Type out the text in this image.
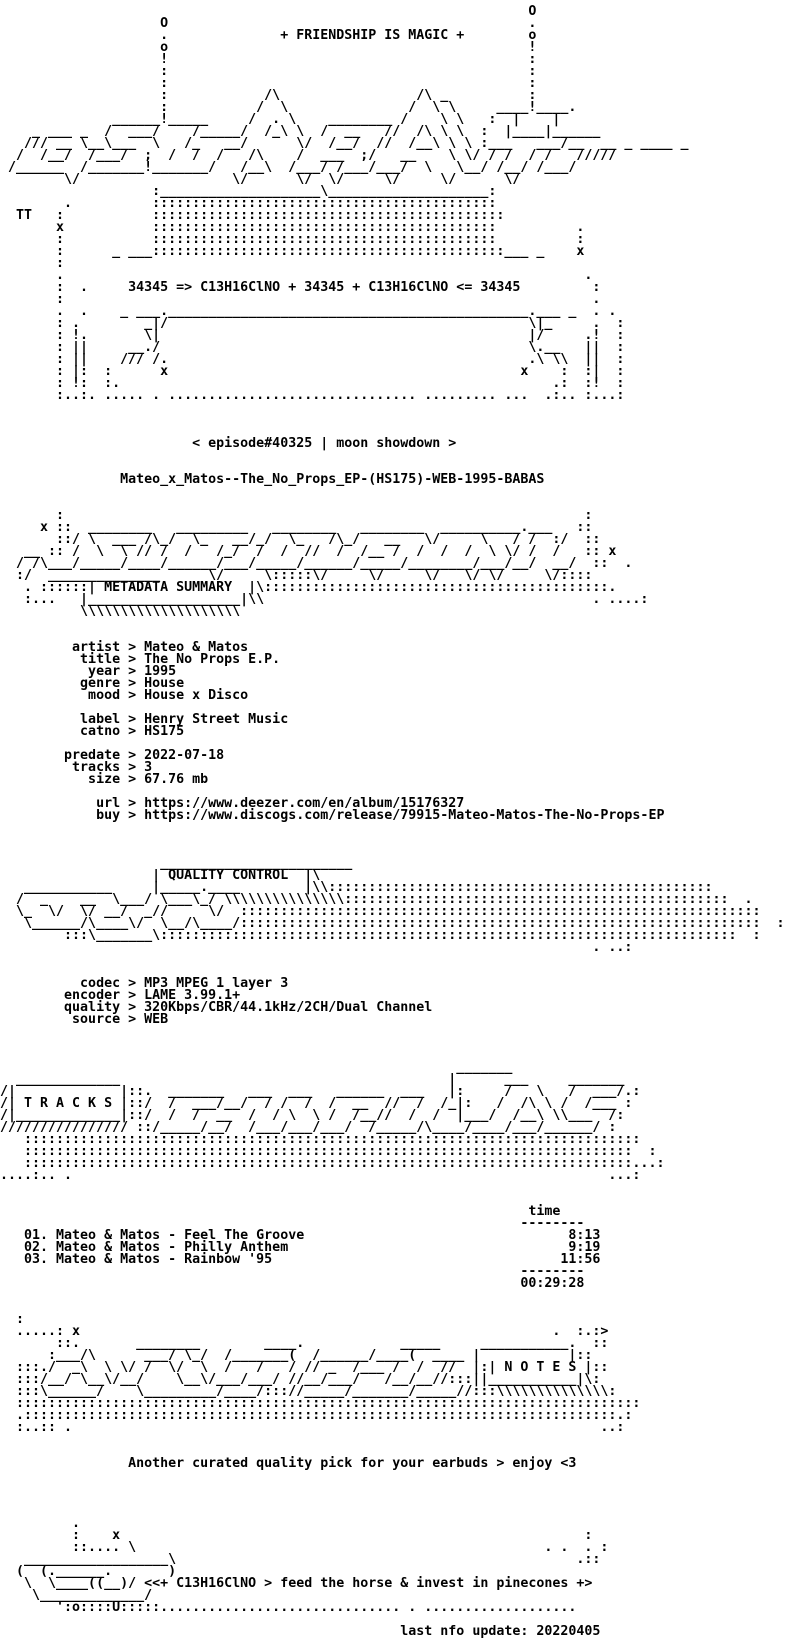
O
O                                             .
.              + FRIENDSHIP IS MAGIC +        o
o                                             !
!                                             :
:                                             :
:                                             :
:            /\                 /\ _          :
:           /  \               /  \ \     ____!____.
______!_____     /  . \    ________ /    \ \   :  |    |
_ ___ _  /  ___/    /_____/  /_\ \  /  __   //  /\ \ \  :  |____|______
/// __ \__\___  \   /_   __/      \/  /__/  //  /__\ \ \ :___   ___/__  __ _ ____ _
/  /__/  /___/  ;  /  /  /   /\    /  ___  ;/   __    \ \/ / /  / /   /////
/______  /_______!_______/   /__\  /___/ /___/___/  \   \__/ /__/ /___/
\/                   \/      \/  \/     \/     \/      \/
:____________________\____________________:
.          :::::::::::::::::::::::::::::::::::::::::::
TT   :           ::::::::::::::::::::::::::::::::::::::::::::
x           :::::::::::::::::::::::::::::::::::::::::::          .
:           :::::::::::::::::::::::::::::::::::::::::::          :
:      _ ___::::::::::::::::::::::::::::::::::::::::::::___ _    x
:
.                                                                 .
:  .     34345 => C13H16ClNO + 34345 + C13H16ClNO <= 34345         :
:                                                                  .
.  .    _ ___._____________________________________________.___ _  . .
: .        _|/                                             \|_     .  :
: !.       \|                                              |/     .!  :
: ||     __./                                              \.__   ||  :
: ||    /// /.                                             .\ \\  ||  :
: |:  :      x                                            x    :  :|  :
: !:  :.                                                      .:  :!  :
:..:. ..... . ............................... ......... ...  .:.. :...:
< episode#40325 | moon showdown >
Mateo_x_Matos--The_No_Props_EP-(HS175)-WEB-1995-BABAS
:                                                                 :
x ::  ________   _________   ________   ________  __________.___   ::
::/ \  ___ /\_/  \_   __/_/  \_   /\_/   __   \/     \   / /  :/  ::
__ :: /  \  \ // /  /   /_/  /  /  //  /  /__ /  /  /  /  \ \/ /  /   :: x
/ /\___/_____/____/______/___/_____/______/_____/________/___/__/  __/  ::  .
:/  ______________      \/     \:::::\/     \/     \/   \/ \/     \/::::
. ::::::| METADATA SUMMARY  |\:::::::::::::::::::::::::::::::::::::::::::.
:...   |___________________|\\                                         . ....:
\\\\\\\\\\\\\\\\\\\\
artist > Mateo & Matos
title > The No Props E.P.
year > 1995
genre > House
mood > House x Disco
label > Henry Street Music
catno > HS175
predate > 2022-07-18
tracks > 3
size > 67.76 mb
url > https://www.deezer.com/en/album/15176327
buy > https://www.discogs.com/release/79915-Mateo-Matos-The-No-Props-EP
________________________
| QUALITY CONTROL  |\
___________     |_____.____        |\\::::::::::::::::::::::::::::::::::::::::::::::::
/  _    __  \___/ \___\_/ \\\\\\\\\\\\\\\::::::::::::::::::::::::::::::::::::::::::::::::  .
\_  \/  \/ __/  _//     \/  :::::::::::::::::::::::::::::::::::::::::::::::::::::::::::::::::
\______/\____\/  \__/\____/:::::::::::::::::::::::::::::::::::::::::::::::::::::::::::::::::  :
:::\_______\::::::::::::::::::::::::::::::::::::::::::::::::::::::::::::::::::::::::  :
. ..:
codec > MP3 MPEG 1 layer 3
encoder > LAME 3.99.1+
quality > 320Kbps/CBR/44.1kHz/2CH/Dual Channel
source > WEB
_______
_____________                                         |      ___     _______
/|             |::.  _______   ___  ___   ______  ___   |:     /   \   /  ___/.:
/| T R A C K S |::/  /  ___/__/  / /  /  /  __  //  /  /_|:   /  /\ \ /  /___ :
/|_____________|::/  /  /  __  /  / \  \ /  /__//  /  /  |___/  /__\ \\___  /:
//////////////// ::/_____/__/  /___/___/___/  /_____/\____/____/___/______/ :
:::::::::::::::::::::::::::::::::::::::::::::::::::::::::::::::::::::::::::::
::::::::::::::::::::::::::::::::::::::::::::::::::::::::::::::::::::::::::::  :
::::::::::::::::::::::::::::::::::::::::::::::::::::::::::::::::::::::::::::...:
....:.. .                                                                   ...:
time
--------
01. Mateo & Matos - Feel The Groove                                 8:13
02. Mateo & Matos - Philly Anthem                                   9:19
03. Mateo & Matos - Rainbow '95                                    11:56
--------
00:29:28
:
.....: x                                                           .  :.:>
::.       ________        ____.            _____     ___________.  ::
:___/\      ___/ \_/  /_______(  /______/____(  ____ |           |::
:::./  _\  \ \/ /  \/  \  /   /   / // _  /___ /  /  //  |:| N O T E S |::
:::/__/ \__\/__/    \__\/___/___/ //__/___/   /__/__//:::||___________|\:
:::\______/    \_________/____/::://_____/_______/_____//:::\\\\\\\\\\\\\\:
::::::::::::::::::::::::::::::::::::::::::::::::::::::::::::::::::::::::::::::
.::::::::::::::::::::::::::::::::::::::::::::::::::::::::::::::::::::::::::.:
:..:: .                                                                  ..:
Another curated quality pick for your earbuds > enjoy <3
.
:    x                                                          :
::.... \                                                   . .  . :
__________________\                                                  .::
(  (.______.       )
\  \____((__)/ <<+ C13H16ClNO > feed the horse & invest in pinecones +>
\_____________/
':o::::U:::::.............................. . ...................
last nfo update: 20220405
